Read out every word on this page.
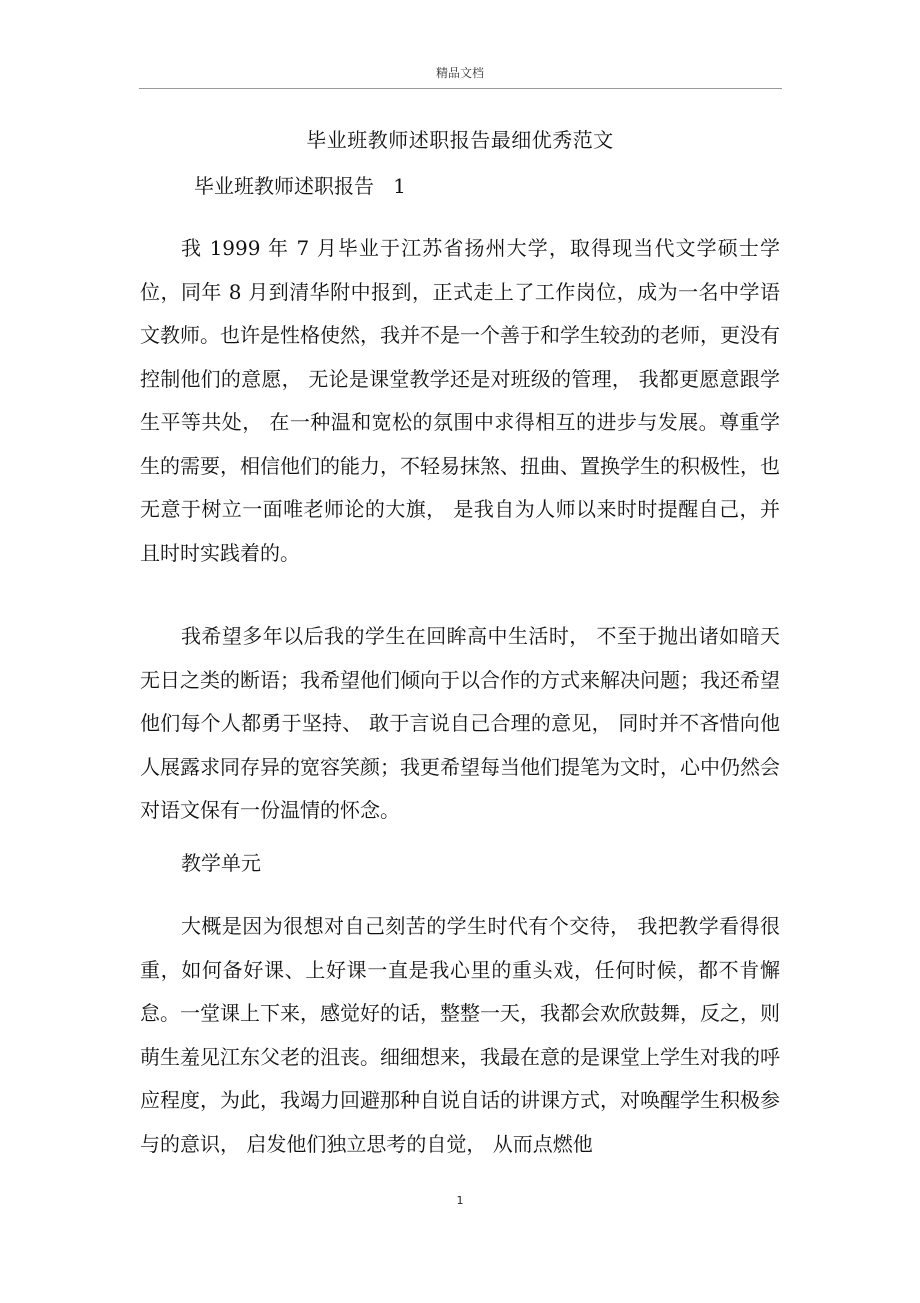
精品文档
毕业班教师述职报告最细优秀范文
毕业班教师述职报告   1

我 1999 年 7 月毕业于江苏省扬州大学，取得现当代文学硕士学位，同年 8 月到清华附中报到，正式走上了工作岗位，成为一名中学语文教师。也许是性格使然，我并不是一个善于和学生较劲的老师，更没有控制他们的意愿， 无论是课堂教学还是对班级的管理， 我都更愿意跟学生平等共处， 在一种温和宽松的氛围中求得相互的进步与发展。尊重学生的需要，相信他们的能力，不轻易抹煞、扭曲、置换学生的积极性，也无意于树立一面唯老师论的大旗， 是我自为人师以来时时提醒自己，并且时时实践着的。

我希望多年以后我的学生在回眸高中生活时， 不至于抛出诸如暗天无日之类的断语；我希望他们倾向于以合作的方式来解决问题；我还希望他们每个人都勇于坚持、 敢于言说自己合理的意见， 同时并不吝惜向他人展露求同存异的宽容笑颜；我更希望每当他们提笔为文时，心中仍然会对语文保有一份温情的怀念。

教学单元

大概是因为很想对自己刻苦的学生时代有个交待， 我把教学看得很重，如何备好课、上好课一直是我心里的重头戏，任何时候，都不肯懈怠。一堂课上下来，感觉好的话，整整一天，我都会欢欣鼓舞，反之，则萌生羞见江东父老的沮丧。细细想来，我最在意的是课堂上学生对我的呼应程度，为此，我竭力回避那种自说自话的讲课方式，对唤醒学生积极参与的意识， 启发他们独立思考的自觉， 从而点燃他

1
